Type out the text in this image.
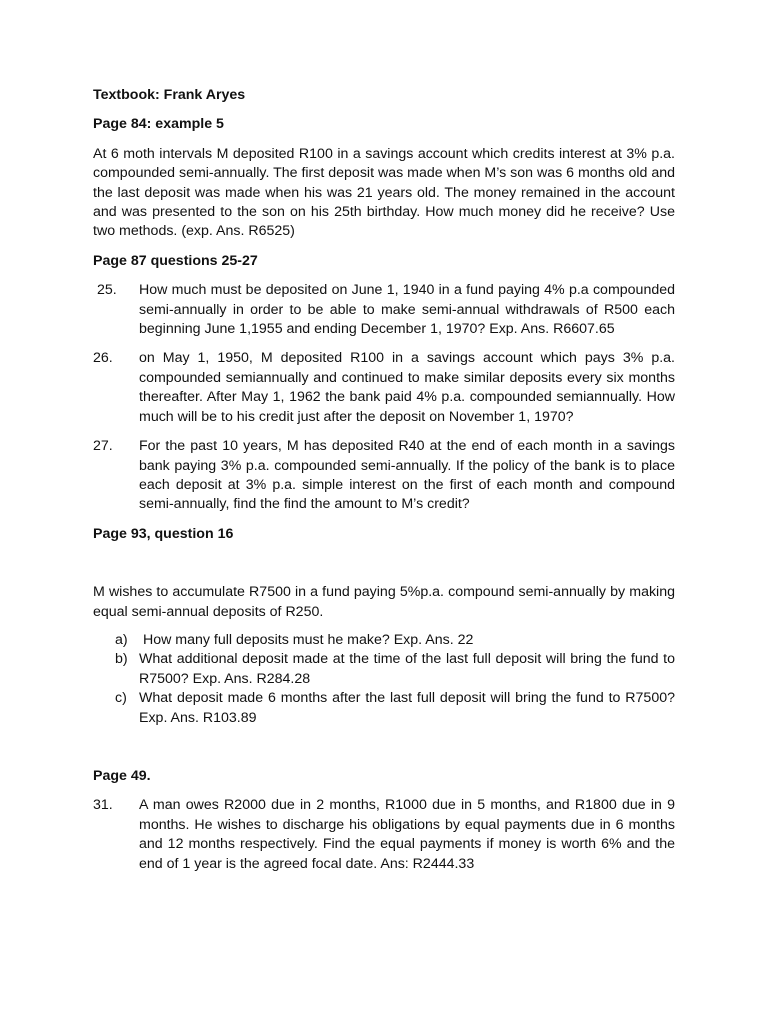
Textbook: Frank Aryes

Page 84: example 5

At 6 moth intervals M deposited R100 in a savings account which credits interest at 3% p.a. compounded semi-annually. The first deposit was made when M’s son was 6 months old and the last deposit was made when his was 21 years old. The money remained in the account and was presented to the son on his 25th birthday. How much money did he receive? Use two methods. (exp. Ans. R6525)

Page 87 questions 25-27

25.	How much must be deposited on June 1, 1940 in a fund paying 4% p.a compounded semi-annually in order to be able to make semi-annual withdrawals of R500 each beginning June 1,1955 and ending December 1, 1970? Exp. Ans. R6607.65
26.	on May 1, 1950, M deposited R100 in a savings account which pays 3% p.a. compounded semiannually and continued to make similar deposits every six months thereafter. After May 1, 1962 the bank paid 4% p.a. compounded semiannually. How much will be to his credit just after the deposit on November 1, 1970?
27.	For the past 10 years, M has deposited R40 at the end of each month in a savings bank paying 3% p.a. compounded semi-annually. If the policy of the bank is to place each deposit at 3% p.a. simple interest on the first of each month and compound semi-annually, find the find the amount to M’s credit?

Page 93, question 16

M wishes to accumulate R7500 in a fund paying 5%p.a. compound semi-annually by making equal semi-annual deposits of R250.

a) How many full deposits must he make? Exp. Ans. 22
b) What additional deposit made at the time of the last full deposit will bring the fund to R7500? Exp. Ans. R284.28
c) What deposit made 6 months after the last full deposit will bring the fund to R7500? Exp. Ans. R103.89

Page 49.

31.	A man owes R2000 due in 2 months, R1000 due in 5 months, and R1800 due in 9 months. He wishes to discharge his obligations by equal payments due in 6 months and 12 months respectively. Find the equal payments if money is worth 6% and the end of 1 year is the agreed focal date. Ans: R2444.33
